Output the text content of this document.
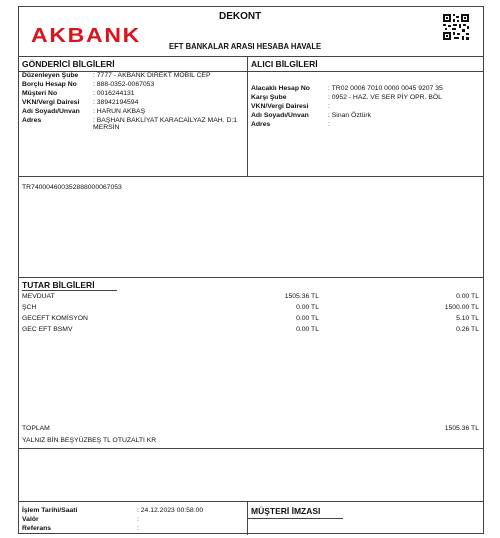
AKBANK
DEKONT
EFT BANKALAR ARASI HESABA HAVALE
GÖNDERİCİ BİLGİLERİ
Düzenleyen Şube : 7777 - AKBANK DİREKT MOBİL CEP
Borçlu Hesap No : 888-0352-0067053
Müşteri No	: 0016244131
VKN/Vergi Dairesi : 38942194594
Adı Soyadı/Unvan : HARUN AKBAŞ
Adres	: BAŞHAN BAKLİYAT KARACAİLYAZ MAH. D:1 MERSİN
ALICI BİLGİLERİ
Alacaklı Hesap No	: TR02 0006 7010 0000 0045 9207 35
Karşı Şube	: 0952 - HAZ. VE SER PİY OPR. BÖL
VKN/Vergi Dairesi	:
Adı Soyadı/Unvan	: Sinan Öztürk
Adres	:
TR740004600352888000067053
TUTAR BİLGİLERİ
MEVDUAT	1505.36 TL	0.00 TL
ŞCH	0.00 TL	1500.00 TL
GECEFT KOMİSYON	0.00 TL	5.10 TL
GEC EFT BSMV	0.00 TL	0.26 TL
TOPLAM	1505.36 TL
YALNIZ BİN BEŞYÜZBEŞ TL OTUZALTI KR
İşlem Tarihi/Saati	: 24.12.2023 00:58:00
Valör	:
Referans	:
MÜŞTERİ İMZASI
